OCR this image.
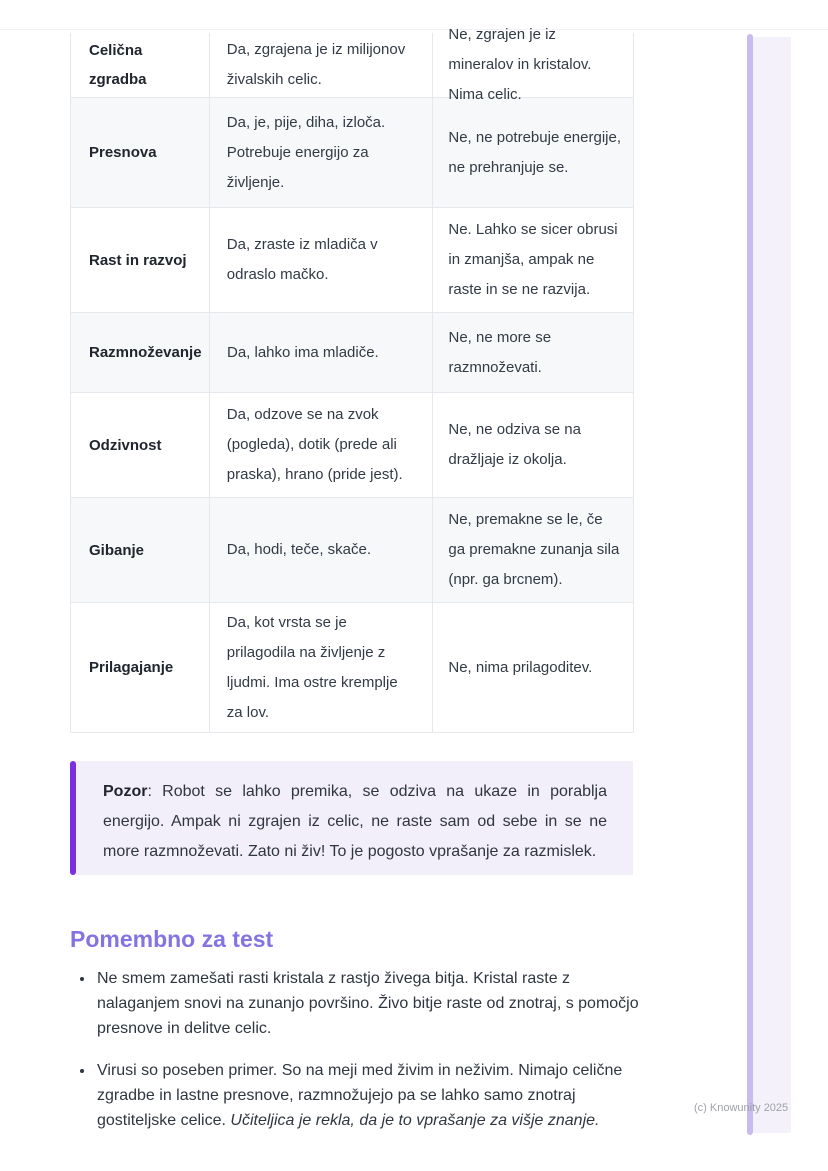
Celična zgradba
Da, zgrajena je iz milijonov živalskih celic.
Ne, zgrajen je iz mineralov in kristalov. Nima celic.
Presnova
Da, je, pije, diha, izloča. Potrebuje energijo za življenje.
Ne, ne potrebuje energije, ne prehranjuje se.
Rast in razvoj
Da, zraste iz mladiča v odraslo mačko.
Ne. Lahko se sicer obrusi in zmanjša, ampak ne raste in se ne razvija.
Razmnoževanje Da, lahko ima mladiče.
Ne, ne more se razmnoževati.
Odzivnost
Da, odzove se na zvok (pogleda), dotik (prede ali praska), hrano (pride jest).
Ne, ne odziva se na dražljaje iz okolja.
Gibanje	Da, hodi, teče, skače.
Ne, premakne se le, če ga premakne zunanja sila (npr. ga brcnem).
Prilagajanje
Da, kot vrsta se je prilagodila na življenje z ljudmi. Ima ostre kremplje za lov.
Ne, nima prilagoditev.
Pozor: Robot se lahko premika, se odziva na ukaze in porablja energijo. Ampak ni zgrajen iz celic, ne raste sam od sebe in se ne more razmnoževati. Zato ni živ! To je pogosto vprašanje za razmislek.
Pomembno za test
• Ne smem zamešati rasti kristala z rastjo živega bitja. Kristal raste z nalaganjem snovi na zunanjo površino. Živo bitje raste od znotraj, s pomočjo presnove in delitve celic.
• Virusi so poseben primer. So na meji med živim in neživim. Nimajo celične zgradbe in lastne presnove, razmnožujejo pa se lahko samo znotraj gostiteljske celice. Učiteljica je rekla, da je to vprašanje za višje znanje.
(c) Knowunity 2025
